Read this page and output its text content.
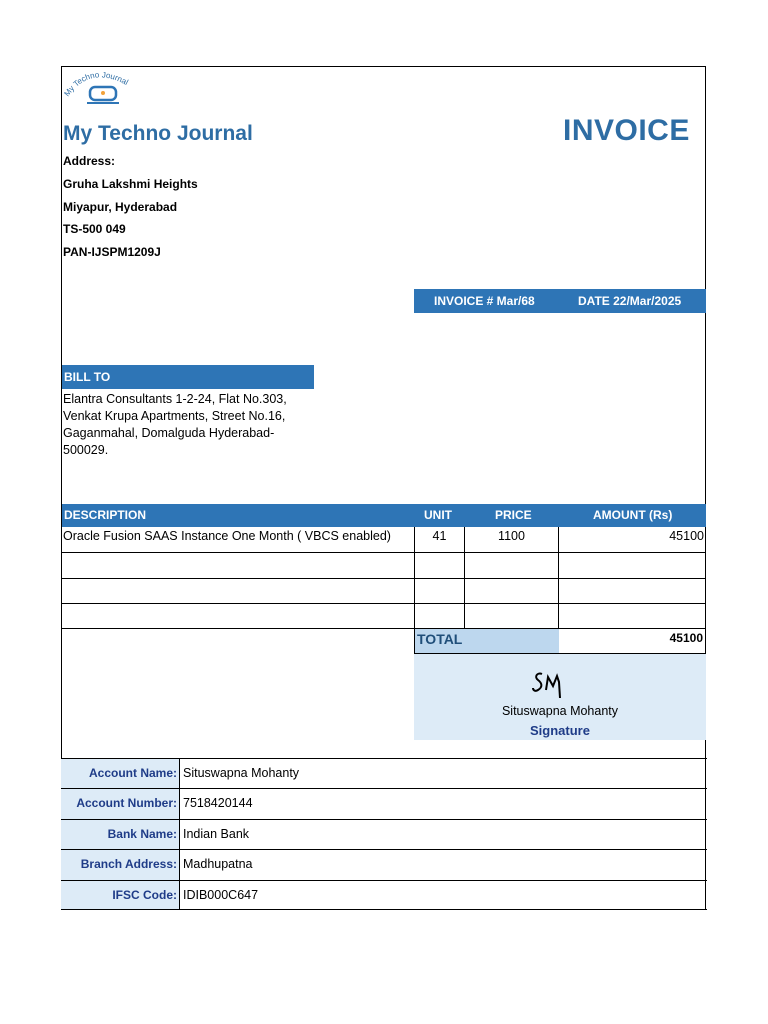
My Techno Journal
My Techno Journal	INVOICE
Address:
Gruha Lakshmi Heights
Miyapur, Hyderabad
TS-500 049
PAN-IJSPM1209J
INVOICE # Mar/68	DATE 22/Mar/2025
BILL TO
Elantra Consultants 1-2-24, Flat No.303,
Venkat Krupa Apartments, Street No.16,
Gaganmahal, Domalguda Hyderabad-
500029.
DESCRIPTION	UNIT	PRICE	AMOUNT (Rs)
Oracle Fusion SAAS Instance One Month ( VBCS enabled)	41	1100	45100
TOTAL	45100
Situswapna Mohanty
Signature
Account Name: Situswapna Mohanty
Account Number: 7518420144
Bank Name: Indian Bank
Branch Address: Madhupatna
IFSC Code: IDIB000C647
